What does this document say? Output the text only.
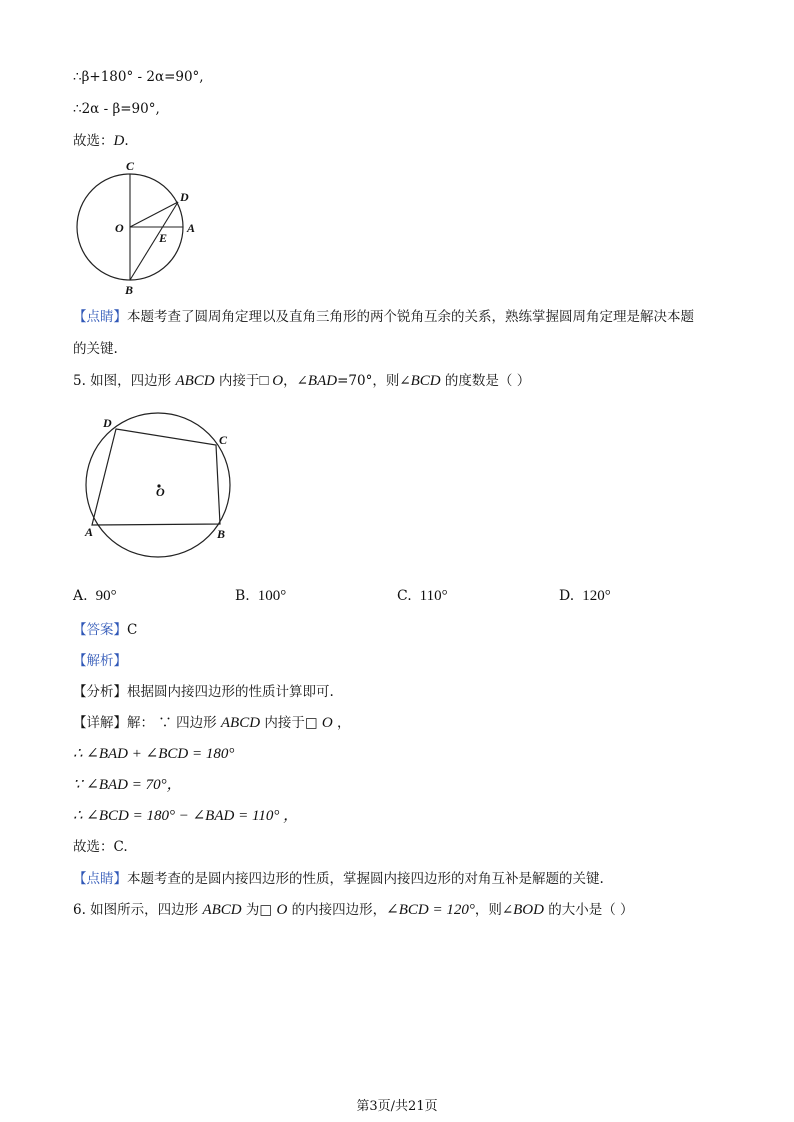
∴β+180° - 2α=90°,
∴2α - β=90°,
故选：D.
C
D
O	A
E
B
【点睛】本题考查了圆周角定理以及直角三角形的两个锐角互余的关系，熟练掌握圆周角定理是解决本题
的关键.
5. 如图，四边形 ABCD 内接于□ O，∠BAD=70°，则∠BCD 的度数是（ ）
D
C
O
A	B
A. 90°	B. 100°	C. 110°	D. 120°
【答案】C
【解析】
【分析】根据圆内接四边形的性质计算即可.
【详解】解： ∵ 四边形 ABCD 内接于□ O ，
∴ ∠BAD + ∠BCD = 180°
∵ ∠BAD = 70°，
∴ ∠BCD = 180° − ∠BAD = 110° ，
故选：C.
【点睛】本题考查的是圆内接四边形的性质，掌握圆内接四边形的对角互补是解题的关键.
6. 如图所示，四边形 ABCD 为□ O 的内接四边形，∠BCD = 120°，则∠BOD 的大小是（ ）
第3页/共21页
